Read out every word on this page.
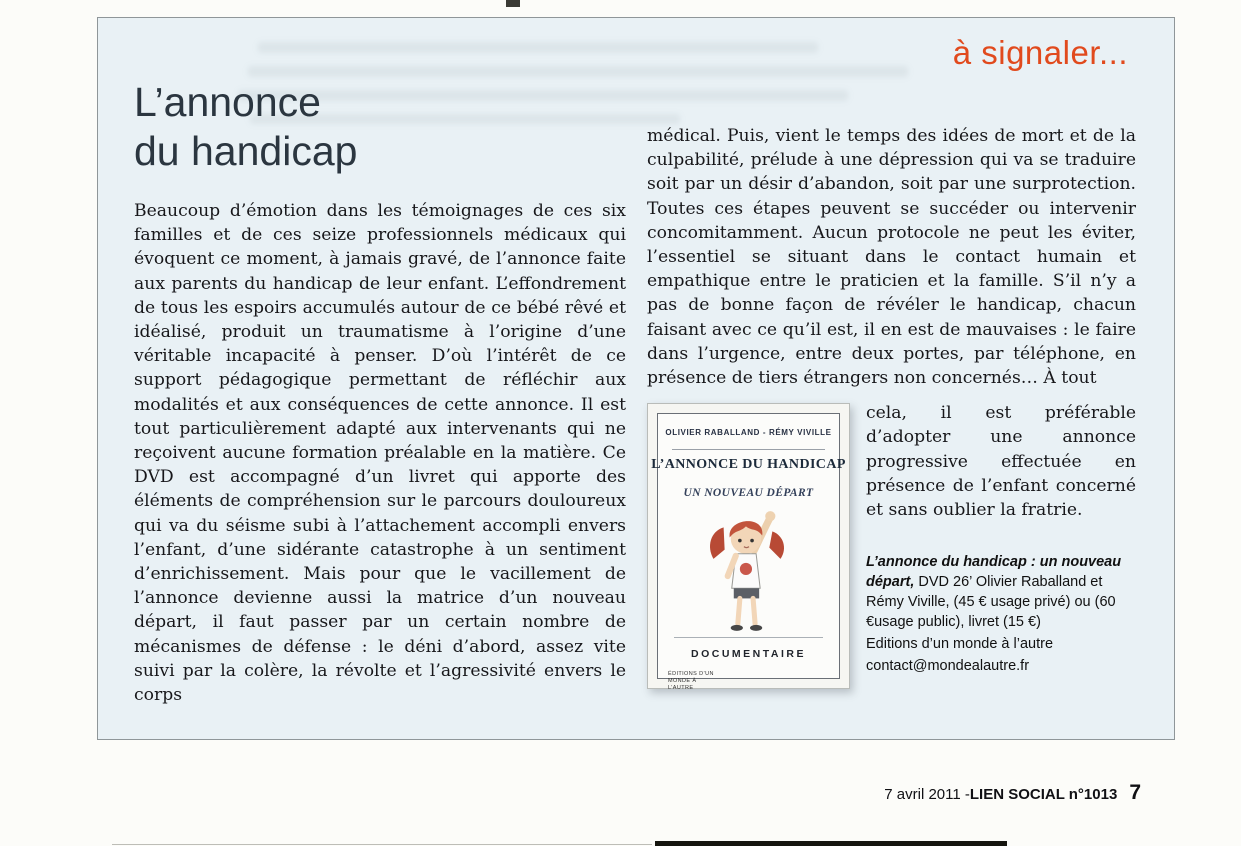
à signaler...
L’annonce
du handicap

Beaucoup d’émotion dans les témoignages de ces six familles et de ces seize professionnels médicaux qui évoquent ce moment, à jamais gravé, de l’annonce faite aux parents du handicap de leur enfant. L’effondrement de tous les espoirs accumulés autour de ce bébé rêvé et idéalisé, produit un traumatisme à l’origine d’une véritable incapacité à penser. D’où l’intérêt de ce support pédagogique permettant de réfléchir aux modalités et aux conséquences de cette annonce. Il est tout particulièrement adapté aux intervenants qui ne reçoivent aucune formation préalable en la matière. Ce DVD est accompagné d’un livret qui apporte des éléments de compréhension sur le parcours douloureux qui va du séisme subi à l’attachement accompli envers l’enfant, d’une sidérante catastrophe à un sentiment d’enrichissement. Mais pour que le vacillement de l’annonce devienne aussi la matrice d’un nouveau départ, il faut passer par un certain nombre de mécanismes de défense : le déni d’abord, assez vite suivi par la colère, la révolte et l’agressivité envers le corps

médical. Puis, vient le temps des idées de mort et de la culpabilité, prélude à une dépression qui va se traduire soit par un désir d’abandon, soit par une surprotection. Toutes ces étapes peuvent se succéder ou intervenir concomitamment. Aucun protocole ne peut les éviter, l’essentiel se situant dans le contact humain et empathique entre le praticien et la famille. S’il n’y a pas de bonne façon de révéler le handicap, chacun faisant avec ce qu’il est, il en est de mauvaises : le faire dans l’urgence, entre deux portes, par téléphone, en présence de tiers étrangers non concernés… À tout

OLIVIER RABALLAND - RÉMY VIVILLE
L’ANNONCE DU HANDICAP
UN NOUVEAU DÉPART
DOCUMENTAIRE
ÉDITIONS D’UN MONDE À L’AUTRE

cela, il est préférable d’adopter une annonce progressive effectuée en présence de l’enfant concerné et sans oublier la fratrie.

L’annonce du handicap : un nouveau départ, DVD 26’ Olivier Raballand et Rémy Viville, (45 € usage privé) ou (60 €usage public), livret (15 €)

Editions d’un monde à l’autre
contact@mondealautre.fr
7 avril 2011 - LIEN SOCIAL n°1013 7
